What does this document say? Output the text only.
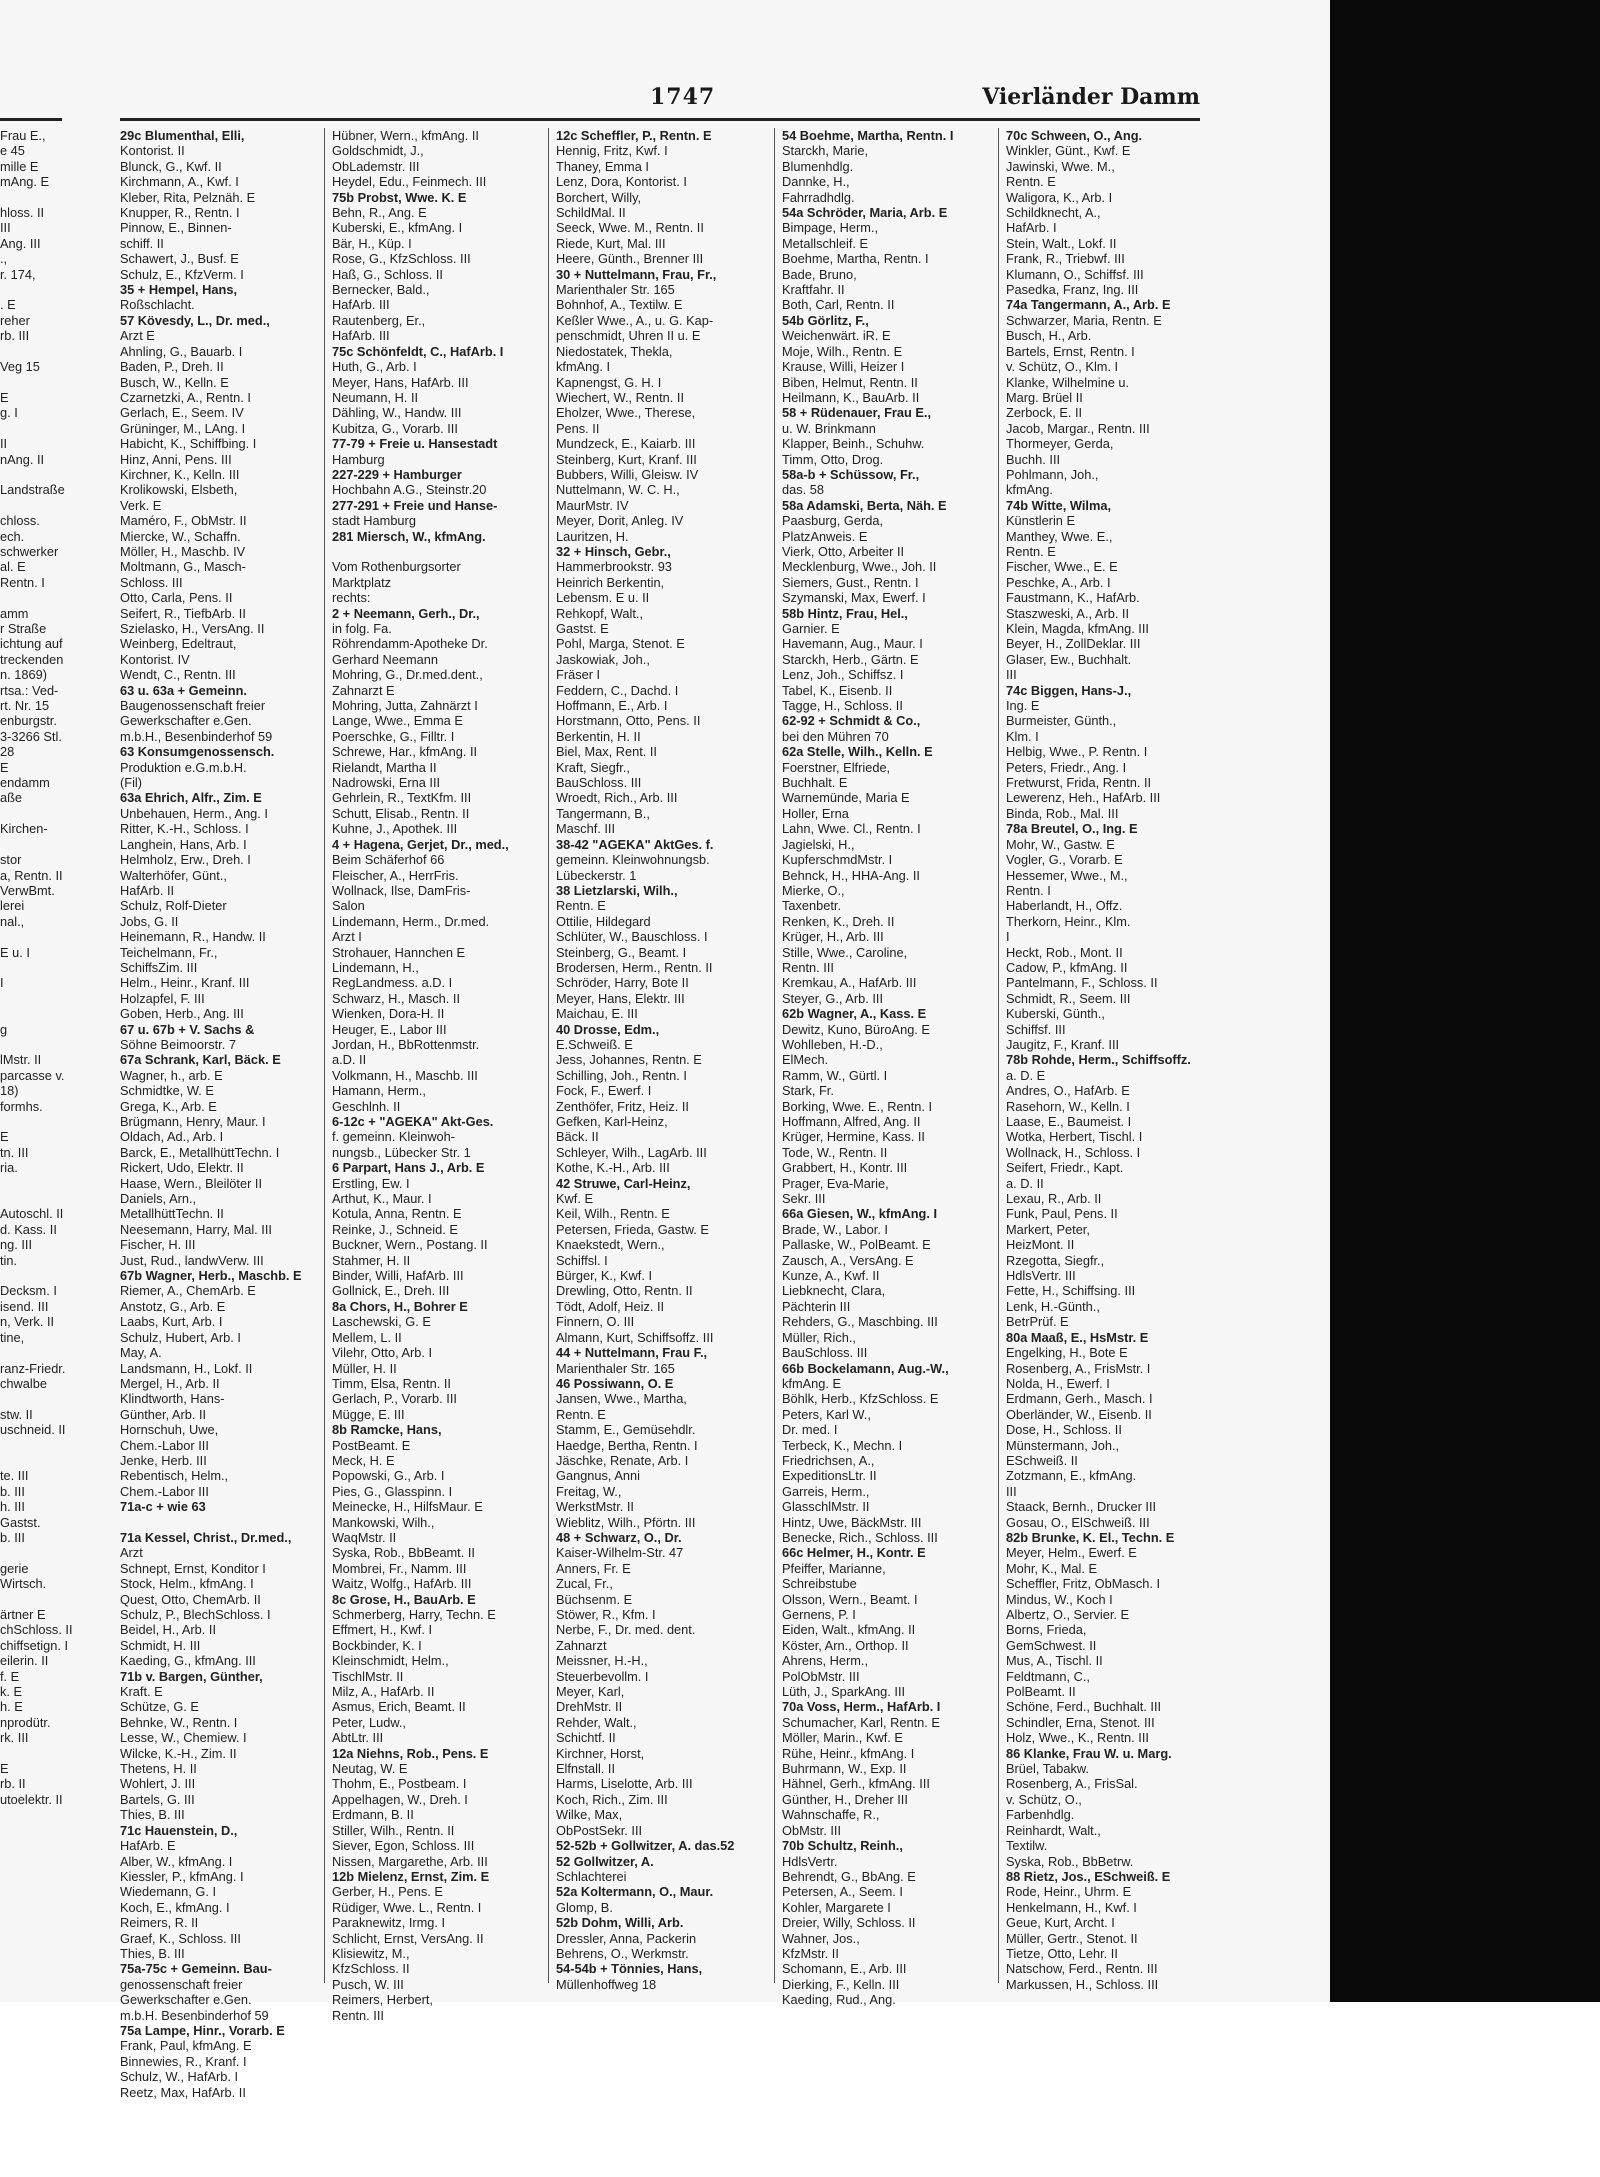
Frau E.,
e 45
mille E
mAng. E

hloss. II
III
Ang. III
.,
r. 174,

. E
reher
rb. III

Veg 15

E
g. I

II
nAng. II

Landstraße

chloss.
ech.
schwerker
al. E
Rentn. I

amm
r Straße
ichtung auf
treckenden
n. 1869)
rtsa.: Ved-
rt. Nr. 15
enburgstr.
3-3266 Stl.
28
E
endamm
aße

Kirchen-

stor
a, Rentn. II
VerwBmt.
lerei
nal.,

E u. I

I

g

lMstr. II
parcasse v.
18)
formhs.

E
tn. III
ria.

Autoschl. II
d. Kass. II
ng. III
tin.

Decksm. I
isend. III
n, Verk. II
tine,

ranz-Friedr.
chwalbe

stw. II
uschneid. II

te. III
b. III
h. III
Gastst.
b. III

gerie
Wirtsch.

ärtner E
chSchloss. II
chiffsetign. I
eilerin. II
f. E
k. E
h. E
nprodütr.
rk. III

E
rb. II
utoelektr. II
1747	Vierländer Damm
29c Blumenthal, Elli,
Kontorist. II
Blunck, G., Kwf. II
Kirchmann, A., Kwf. I
Kleber, Rita, Pelznäh. E
Knupper, R., Rentn. I
Pinnow, E., Binnen-
schiff. II
Schawert, J., Busf. E
Schulz, E., KfzVerm. I
35 + Hempel, Hans,
Roßschlacht.
57 Kövesdy, L., Dr. med.,
Arzt E
Ahnling, G., Bauarb. I
Baden, P., Dreh. II
Busch, W., Kelln. E
Czarnetzki, A., Rentn. I
Gerlach, E., Seem. IV
Grüninger, M., LAng. I
Habicht, K., Schiffbing. I
Hinz, Anni, Pens. III
Kirchner, K., Kelln. III
Krolikowski, Elsbeth,
Verk. E
Maméro, F., ObMstr. II
Miercke, W., Schaffn.
Möller, H., Maschb. IV
Moltmann, G., Masch-
Schloss. III
Otto, Carla, Pens. II
Seifert, R., TiefbArb. II
Szielasko, H., VersAng. II
Weinberg, Edeltraut,
Kontorist. IV
Wendt, C., Rentn. III
63 u. 63a + Gemeinn.
Baugenossenschaft freier
Gewerkschafter e.Gen.
m.b.H., Besenbinderhof 59
63 Konsumgenossensch.
Produktion e.G.m.b.H.
(Fil)
63a Ehrich, Alfr., Zim. E
Unbehauen, Herm., Ang. I
Ritter, K.-H., Schloss. I
Langhein, Hans, Arb. I
Helmholz, Erw., Dreh. I
Walterhöfer, Günt.,
HafArb. II
Schulz, Rolf-Dieter
Jobs, G. II
Heinemann, R., Handw. II
Teichelmann, Fr.,
SchiffsZim. III
Helm., Heinr., Kranf. III
Holzapfel, F. III
Goben, Herb., Ang. III
67 u. 67b + V. Sachs &
Söhne Beimoorstr. 7
67a Schrank, Karl, Bäck. E
Wagner, h., arb. E
Schmidtke, W. E
Grega, K., Arb. E
Brügmann, Henry, Maur. I
Oldach, Ad., Arb. I
Barck, E., MetallhüttTechn. I
Rickert, Udo, Elektr. II
Haase, Wern., Bleilöter II
Daniels, Arn.,
MetallhüttTechn. II
Neesemann, Harry, Mal. III
Fischer, H. III
Just, Rud., landwVerw. III
67b Wagner, Herb., Maschb. E
Riemer, A., ChemArb. E
Anstotz, G., Arb. E
Laabs, Kurt, Arb. I
Schulz, Hubert, Arb. I
May, A.
Landsmann, H., Lokf. II
Mergel, H., Arb. II
Klindtworth, Hans-
Günther, Arb. II
Hornschuh, Uwe,
Chem.-Labor III
Jenke, Herb. III
Rebentisch, Helm.,
Chem.-Labor III
71a-c + wie 63

71a Kessel, Christ., Dr.med.,
Arzt
Schnept, Ernst, Konditor I
Stock, Helm., kfmAng. I
Quest, Otto, ChemArb. II
Schulz, P., BlechSchloss. I
Beidel, H., Arb. II
Schmidt, H. III
Kaeding, G., kfmAng. III
71b v. Bargen, Günther,
Kraft. E
Schütze, G. E
Behnke, W., Rentn. I
Lesse, W., Chemiew. I
Wilcke, K.-H., Zim. II
Thetens, H. II
Wohlert, J. III
Bartels, G. III
Thies, B. III
71c Hauenstein, D.,
HafArb. E
Alber, W., kfmAng. I
Kiessler, P., kfmAng. I
Wiedemann, G. I
Koch, E., kfmAng. I
Reimers, R. II
Graef, K., Schloss. III
Thies, B. III
75a-75c + Gemeinn. Bau-
genossenschaft freier
Gewerkschafter e.Gen.
m.b.H. Besenbinderhof 59
75a Lampe, Hinr., Vorarb. E
Frank, Paul, kfmAng. E
Binnewies, R., Kranf. I
Schulz, W., HafArb. I
Reetz, Max, HafArb. II
Hübner, Wern., kfmAng. II
Goldschmidt, J.,
ObLademstr. III
Heydel, Edu., Feinmech. III
75b Probst, Wwe. K. E
Behn, R., Ang. E
Kuberski, E., kfmAng. I
Bär, H., Küp. I
Rose, G., KfzSchloss. III
Haß, G., Schloss. II
Bernecker, Bald.,
HafArb. III
Rautenberg, Er.,
HafArb. III
75c Schönfeldt, C., HafArb. I
Huth, G., Arb. I
Meyer, Hans, HafArb. III
Neumann, H. II
Dähling, W., Handw. III
Kubitza, G., Vorarb. III
77-79 + Freie u. Hansestadt
Hamburg
227-229 + Hamburger
Hochbahn A.G., Steinstr.20
277-291 + Freie und Hanse-
stadt Hamburg
281 Miersch, W., kfmAng.

Vom Rothenburgsorter
Marktplatz
rechts:
2 + Neemann, Gerh., Dr.,
in folg. Fa.
Röhrendamm-Apotheke Dr.
Gerhard Neemann
Mohring, G., Dr.med.dent.,
Zahnarzt E
Mohring, Jutta, Zahnärzt I
Lange, Wwe., Emma E
Poerschke, G., Filltr. I
Schrewe, Har., kfmAng. II
Rielandt, Martha II
Nadrowski, Erna III
Gehrlein, R., TextKfm. III
Schutt, Elisab., Rentn. II
Kuhne, J., Apothek. III
4 + Hagena, Gerjet, Dr., med.,
Beim Schäferhof 66
Fleischer, A., HerrFris.
Wollnack, Ilse, DamFris-
Salon
Lindemann, Herm., Dr.med.
Arzt I
Strohauer, Hannchen E
Lindemann, H.,
RegLandmess. a.D. I
Schwarz, H., Masch. II
Wienken, Dora-H. II
Heuger, E., Labor III
Jordan, H., BbRottenmstr.
a.D. II
Volkmann, H., Maschb. III
Hamann, Herm.,
Geschlnh. II
6-12c + "AGEKA" Akt-Ges.
f. gemeinn. Kleinwoh-
nungsb., Lübecker Str. 1
6 Parpart, Hans J., Arb. E
Erstling, Ew. I
Arthut, K., Maur. I
Kotula, Anna, Rentn. E
Reinke, J., Schneid. E
Buckner, Wern., Postang. II
Stahmer, H. II
Binder, Willi, HafArb. III
Gollnick, E., Dreh. III
8a Chors, H., Bohrer E
Laschewski, G. E
Mellem, L. II
Vilehr, Otto, Arb. I
Müller, H. II
Timm, Elsa, Rentn. II
Gerlach, P., Vorarb. III
Mügge, E. III
8b Ramcke, Hans,
PostBeamt. E
Meck, H. E
Popowski, G., Arb. I
Pies, G., Glasspinn. I
Meinecke, H., HilfsMaur. E
Mankowski, Wilh.,
WaqMstr. II
Syska, Rob., BbBeamt. II
Mombrei, Fr., Namm. III
Waitz, Wolfg., HafArb. III
8c Grose, H., BauArb. E
Schmerberg, Harry, Techn. E
Effmert, H., Kwf. I
Bockbinder, K. I
Kleinschmidt, Helm.,
TischlMstr. II
Milz, A., HafArb. II
Asmus, Erich, Beamt. II
Peter, Ludw.,
AbtLtr. III
12a Niehns, Rob., Pens. E
Neutag, W. E
Thohm, E., Postbeam. I
Appelhagen, W., Dreh. I
Erdmann, B. II
Stiller, Wilh., Rentn. II
Siever, Egon, Schloss. III
Nissen, Margarethe, Arb. III
12b Mielenz, Ernst, Zim. E
Gerber, H., Pens. E
Rüdiger, Wwe. L., Rentn. I
Paraknewitz, Irmg. I
Schlicht, Ernst, VersAng. II
Klisiewitz, M.,
KfzSchloss. II
Pusch, W. III
Reimers, Herbert,
Rentn. III
12c Scheffler, P., Rentn. E
Hennig, Fritz, Kwf. I
Thaney, Emma I
Lenz, Dora, Kontorist. I
Borchert, Willy,
SchildMal. II
Seeck, Wwe. M., Rentn. II
Riede, Kurt, Mal. III
Heere, Günth., Brenner III
30 + Nuttelmann, Frau, Fr.,
Marienthaler Str. 165
Bohnhof, A., Textilw. E
Keßler Wwe., A., u. G. Kap-
penschmidt, Uhren II u. E
Niedostatek, Thekla,
kfmAng. I
Kapnengst, G. H. I
Wiechert, W., Rentn. II
Eholzer, Wwe., Therese,
Pens. II
Mundzeck, E., Kaiarb. III
Steinberg, Kurt, Kranf. III
Bubbers, Willi, Gleisw. IV
Nuttelmann, W. C. H.,
MaurMstr. IV
Meyer, Dorit, Anleg. IV
Lauritzen, H.
32 + Hinsch, Gebr.,
Hammerbrookstr. 93
Heinrich Berkentin,
Lebensm. E u. II
Rehkopf, Walt.,
Gastst. E
Pohl, Marga, Stenot. E
Jaskowiak, Joh.,
Fräser I
Feddern, C., Dachd. I
Hoffmann, E., Arb. I
Horstmann, Otto, Pens. II
Berkentin, H. II
Biel, Max, Rent. II
Kraft, Siegfr.,
BauSchloss. III
Wroedt, Rich., Arb. III
Tangermann, B.,
Maschf. III
38-42 "AGEKA" AktGes. f.
gemeinn. Kleinwohnungsb.
Lübeckerstr. 1
38 Lietzlarski, Wilh.,
Rentn. E
Ottilie, Hildegard
Schlüter, W., Bauschloss. I
Steinberg, G., Beamt. I
Brodersen, Herm., Rentn. II
Schröder, Harry, Bote II
Meyer, Hans, Elektr. III
Maichau, E. III
40 Drosse, Edm.,
E.Schweiß. E
Jess, Johannes, Rentn. E
Schilling, Joh., Rentn. I
Fock, F., Ewerf. I
Zenthöfer, Fritz, Heiz. II
Gefken, Karl-Heinz,
Bäck. II
Schleyer, Wilh., LagArb. III
Kothe, K.-H., Arb. III
42 Struwe, Carl-Heinz,
Kwf. E
Keil, Wilh., Rentn. E
Petersen, Frieda, Gastw. E
Knaekstedt, Wern.,
Schiffsl. I
Bürger, K., Kwf. I
Drewling, Otto, Rentn. II
Tödt, Adolf, Heiz. II
Finnern, O. III
Almann, Kurt, Schiffsoffz. III
44 + Nuttelmann, Frau F.,
Marienthaler Str. 165
46 Possiwann, O. E
Jansen, Wwe., Martha,
Rentn. E
Stamm, E., Gemüsehdlr.
Haedge, Bertha, Rentn. I
Jäschke, Renate, Arb. I
Gangnus, Anni
Freitag, W.,
WerkstMstr. II
Wieblitz, Wilh., Pförtn. III
48 + Schwarz, O., Dr.
Kaiser-Wilhelm-Str. 47
Anners, Fr. E
Zucal, Fr.,
Büchsenm. E
Stöwer, R., Kfm. I
Nerbe, F., Dr. med. dent.
Zahnarzt
Meissner, H.-H.,
Steuerbevollm. I
Meyer, Karl,
DrehMstr. II
Rehder, Walt.,
Schichtf. II
Kirchner, Horst,
Elfnstall. II
Harms, Liselotte, Arb. III
Koch, Rich., Zim. III
Wilke, Max,
ObPostSekr. III
52-52b + Gollwitzer, A. das.52
52 Gollwitzer, A.
Schlachterei
52a Koltermann, O., Maur.
Glomp, B.
52b Dohm, Willi, Arb.
Dressler, Anna, Packerin
Behrens, O., Werkmstr.
54-54b + Tönnies, Hans,
Müllenhoffweg 18
54 Boehme, Martha, Rentn. I
Starckh, Marie,
Blumenhdlg.
Dannke, H.,
Fahrradhdlg.
54a Schröder, Maria, Arb. E
Bimpage, Herm.,
Metallschleif. E
Boehme, Martha, Rentn. I
Bade, Bruno,
Kraftfahr. II
Both, Carl, Rentn. II
54b Görlitz, F.,
Weichenwärt. iR. E
Moje, Wilh., Rentn. E
Krause, Willi, Heizer I
Biben, Helmut, Rentn. II
Heilmann, K., BauArb. II
58 + Rüdenauer, Frau E.,
u. W. Brinkmann
Klapper, Beinh., Schuhw.
Timm, Otto, Drog.
58a-b + Schüssow, Fr.,
das. 58
58a Adamski, Berta, Näh. E
Paasburg, Gerda,
PlatzAnweis. E
Vierk, Otto, Arbeiter II
Mecklenburg, Wwe., Joh. II
Siemers, Gust., Rentn. I
Szymanski, Max, Ewerf. I
58b Hintz, Frau, Hel.,
Garnier. E
Havemann, Aug., Maur. I
Starckh, Herb., Gärtn. E
Lenz, Joh., Schiffsz. I
Tabel, K., Eisenb. II
Tagge, H., Schloss. II
62-92 + Schmidt & Co.,
bei den Mühren 70
62a Stelle, Wilh., Kelln. E
Foerstner, Elfriede,
Buchhalt. E
Warnemünde, Maria E
Holler, Erna
Lahn, Wwe. Cl., Rentn. I
Jagielski, H.,
KupferschmdMstr. I
Behnck, H., HHA-Ang. II
Mierke, O.,
Taxenbetr.
Renken, K., Dreh. II
Krüger, H., Arb. III
Stille, Wwe., Caroline,
Rentn. III
Kremkau, A., HafArb. III
Steyer, G., Arb. III
62b Wagner, A., Kass. E
Dewitz, Kuno, BüroAng. E
Wohlleben, H.-D.,
ElMech.
Ramm, W., Gürtl. I
Stark, Fr.
Borking, Wwe. E., Rentn. I
Hoffmann, Alfred, Ang. II
Krüger, Hermine, Kass. II
Tode, W., Rentn. II
Grabbert, H., Kontr. III
Prager, Eva-Marie,
Sekr. III
66a Giesen, W., kfmAng. I
Brade, W., Labor. I
Pallaske, W., PolBeamt. E
Zausch, A., VersAng. E
Kunze, A., Kwf. II
Liebknecht, Clara,
Pächterin III
Rehders, G., Maschbing. III
Müller, Rich.,
BauSchloss. III
66b Bockelamann, Aug.-W.,
kfmAng. E
Böhlk, Herb., KfzSchloss. E
Peters, Karl W.,
Dr. med. I
Terbeck, K., Mechn. I
Friedrichsen, A.,
ExpeditionsLtr. II
Garreis, Herm.,
GlasschlMstr. II
Hintz, Uwe, BäckMstr. III
Benecke, Rich., Schloss. III
66c Helmer, H., Kontr. E
Pfeiffer, Marianne,
Schreibstube
Olsson, Wern., Beamt. I
Gernens, P. I
Eiden, Walt., kfmAng. II
Köster, Arn., Orthop. II
Ahrens, Herm.,
PolObMstr. III
Lüth, J., SparkAng. III
70a Voss, Herm., HafArb. I
Schumacher, Karl, Rentn. E
Möller, Marin., Kwf. E
Rühe, Heinr., kfmAng. I
Buhrmann, W., Exp. II
Hähnel, Gerh., kfmAng. III
Günther, H., Dreher III
Wahnschaffe, R.,
ObMstr. III
70b Schultz, Reinh.,
HdlsVertr.
Behrendt, G., BbAng. E
Petersen, A., Seem. I
Kohler, Margarete I
Dreier, Willy, Schloss. II
Wahner, Jos.,
KfzMstr. II
Schomann, E., Arb. III
Dierking, F., Kelln. III
Kaeding, Rud., Ang.
70c Schween, O., Ang.
Winkler, Günt., Kwf. E
Jawinski, Wwe. M.,
Rentn. E
Waligora, K., Arb. I
Schildknecht, A.,
HafArb. I
Stein, Walt., Lokf. II
Frank, R., Triebwf. III
Klumann, O., Schiffsf. III
Pasedka, Franz, Ing. III
74a Tangermann, A., Arb. E
Schwarzer, Maria, Rentn. E
Busch, H., Arb.
Bartels, Ernst, Rentn. I
v. Schütz, O., Klm. I
Klanke, Wilhelmine u.
Marg. Brüel II
Zerbock, E. II
Jacob, Margar., Rentn. III
Thormeyer, Gerda,
Buchh. III
Pohlmann, Joh.,
kfmAng.
74b Witte, Wilma,
Künstlerin E
Manthey, Wwe. E.,
Rentn. E
Fischer, Wwe., E. E
Peschke, A., Arb. I
Faustmann, K., HafArb.
Staszweski, A., Arb. II
Klein, Magda, kfmAng. III
Beyer, H., ZollDeklar. III
Glaser, Ew., Buchhalt.
III
74c Biggen, Hans-J.,
Ing. E
Burmeister, Günth.,
Klm. I
Helbig, Wwe., P. Rentn. I
Peters, Friedr., Ang. I
Fretwurst, Frida, Rentn. II
Lewerenz, Heh., HafArb. III
Binda, Rob., Mal. III
78a Breutel, O., Ing. E
Mohr, W., Gastw. E
Vogler, G., Vorarb. E
Hessemer, Wwe., M.,
Rentn. I
Haberlandt, H., Offz.
Therkorn, Heinr., Klm.
I
Heckt, Rob., Mont. II
Cadow, P., kfmAng. II
Pantelmann, F., Schloss. II
Schmidt, R., Seem. III
Kuberski, Günth.,
Schiffsf. III
Jaugitz, F., Kranf. III
78b Rohde, Herm., Schiffsoffz.
a. D. E
Andres, O., HafArb. E
Rasehorn, W., Kelln. I
Laase, E., Baumeist. I
Wotka, Herbert, Tischl. I
Wollnack, H., Schloss. I
Seifert, Friedr., Kapt.
a. D. II
Lexau, R., Arb. II
Funk, Paul, Pens. II
Markert, Peter,
HeizMont. II
Rzegotta, Siegfr.,
HdlsVertr. III
Fette, H., Schiffsing. III
Lenk, H.-Günth.,
BetrPrüf. E
80a Maaß, E., HsMstr. E
Engelking, H., Bote E
Rosenberg, A., FrisMstr. I
Nolda, H., Ewerf. I
Erdmann, Gerh., Masch. I
Oberländer, W., Eisenb. II
Dose, H., Schloss. II
Münstermann, Joh.,
ESchweiß. II
Zotzmann, E., kfmAng.
III
Staack, Bernh., Drucker III
Gosau, O., ElSchweiß. III
82b Brunke, K. El., Techn. E
Meyer, Helm., Ewerf. E
Mohr, K., Mal. E
Scheffler, Fritz, ObMasch. I
Mindus, W., Koch I
Albertz, O., Servier. E
Borns, Frieda,
GemSchwest. II
Mus, A., Tischl. II
Feldtmann, C.,
PolBeamt. II
Schöne, Ferd., Buchhalt. III
Schindler, Erna, Stenot. III
Holz, Wwe., K., Rentn. III
86 Klanke, Frau W. u. Marg.
Brüel, Tabakw.
Rosenberg, A., FrisSal.
v. Schütz, O.,
Farbenhdlg.
Reinhardt, Walt.,
Textilw.
Syska, Rob., BbBetrw.
88 Rietz, Jos., ESchweiß. E
Rode, Heinr., Uhrm. E
Henkelmann, H., Kwf. I
Geue, Kurt, Archt. I
Müller, Gertr., Stenot. II
Tietze, Otto, Lehr. II
Natschow, Ferd., Rentn. III
Markussen, H., Schloss. III
